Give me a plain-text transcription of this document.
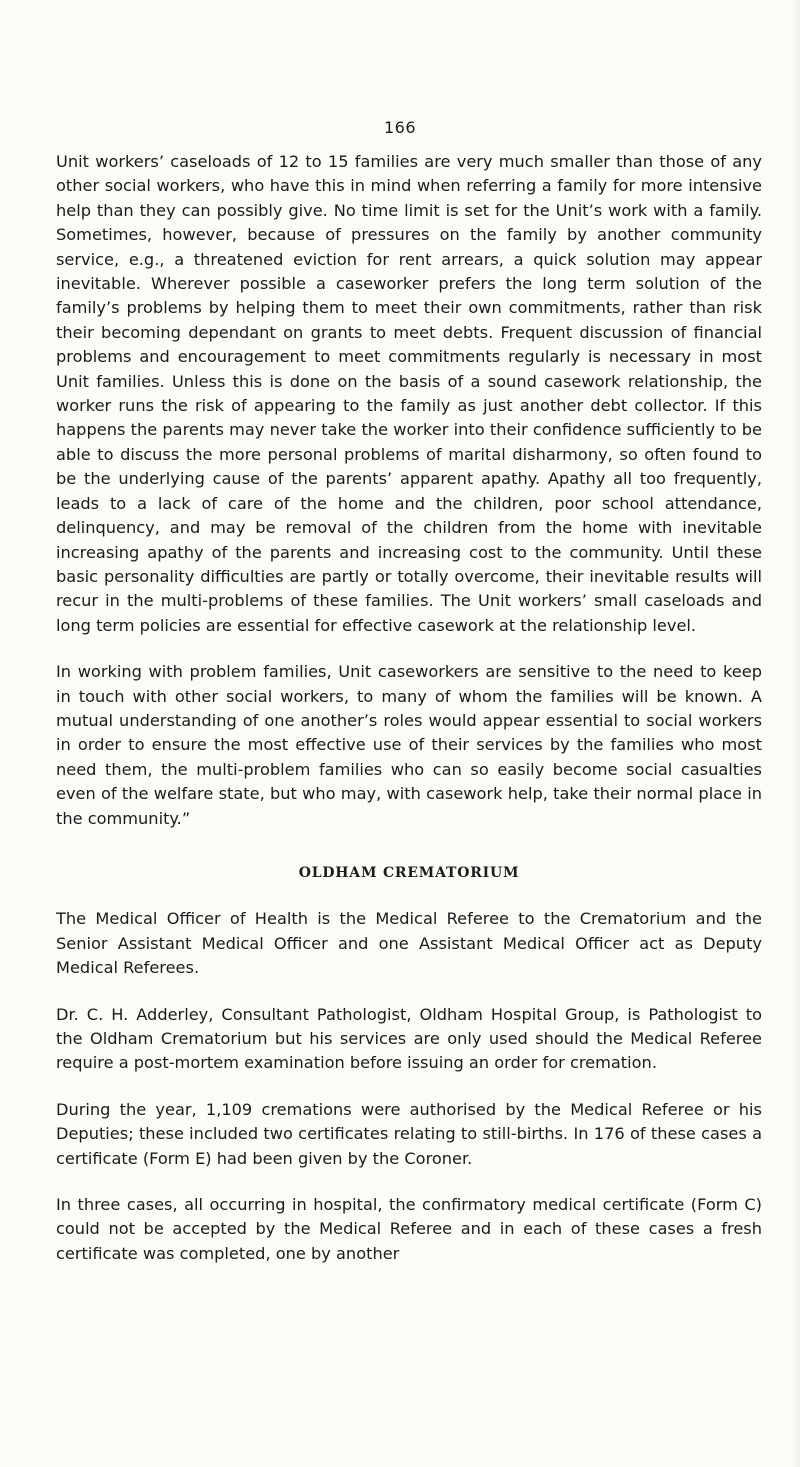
166

Unit workers’ caseloads of 12 to 15 families are very much smaller than those of any other social workers, who have this in mind when referring a family for more intensive help than they can possibly give. No time limit is set for the Unit’s work with a family. Sometimes, however, because of pressures on the family by another community service, e.g., a threatened eviction for rent arrears, a quick solution may appear inevitable. Wherever possible a caseworker prefers the long term solution of the family’s problems by helping them to meet their own commitments, rather than risk their becoming dependant on grants to meet debts. Frequent discussion of financial problems and encouragement to meet commitments regularly is necessary in most Unit families. Unless this is done on the basis of a sound casework relationship, the worker runs the risk of appearing to the family as just another debt collector. If this happens the parents may never take the worker into their confidence sufficiently to be able to discuss the more personal problems of marital disharmony, so often found to be the underlying cause of the parents’ apparent apathy. Apathy all too frequently, leads to a lack of care of the home and the children, poor school attendance, delinquency, and may be removal of the children from the home with inevitable increasing apathy of the parents and increasing cost to the community. Until these basic personality difficulties are partly or totally overcome, their inevitable results will recur in the multi-problems of these families. The Unit workers’ small caseloads and long term policies are essential for effective casework at the relationship level.

In working with problem families, Unit caseworkers are sensitive to the need to keep in touch with other social workers, to many of whom the families will be known. A mutual understanding of one another’s roles would appear essential to social workers in order to ensure the most effective use of their services by the families who most need them, the multi-problem families who can so easily become social casualties even of the welfare state, but who may, with casework help, take their normal place in the community.”

OLDHAM CREMATORIUM

The Medical Officer of Health is the Medical Referee to the Crematorium and the Senior Assistant Medical Officer and one Assistant Medical Officer act as Deputy Medical Referees.

Dr. C. H. Adderley, Consultant Pathologist, Oldham Hospital Group, is Pathologist to the Oldham Crematorium but his services are only used should the Medical Referee require a post-mortem examination before issuing an order for cremation.

During the year, 1,109 cremations were authorised by the Medical Referee or his Deputies; these included two certificates relating to still-births. In 176 of these cases a certificate (Form E) had been given by the Coroner.

In three cases, all occurring in hospital, the confirmatory medical certificate (Form C) could not be accepted by the Medical Referee and in each of these cases a fresh certificate was completed, one by another
